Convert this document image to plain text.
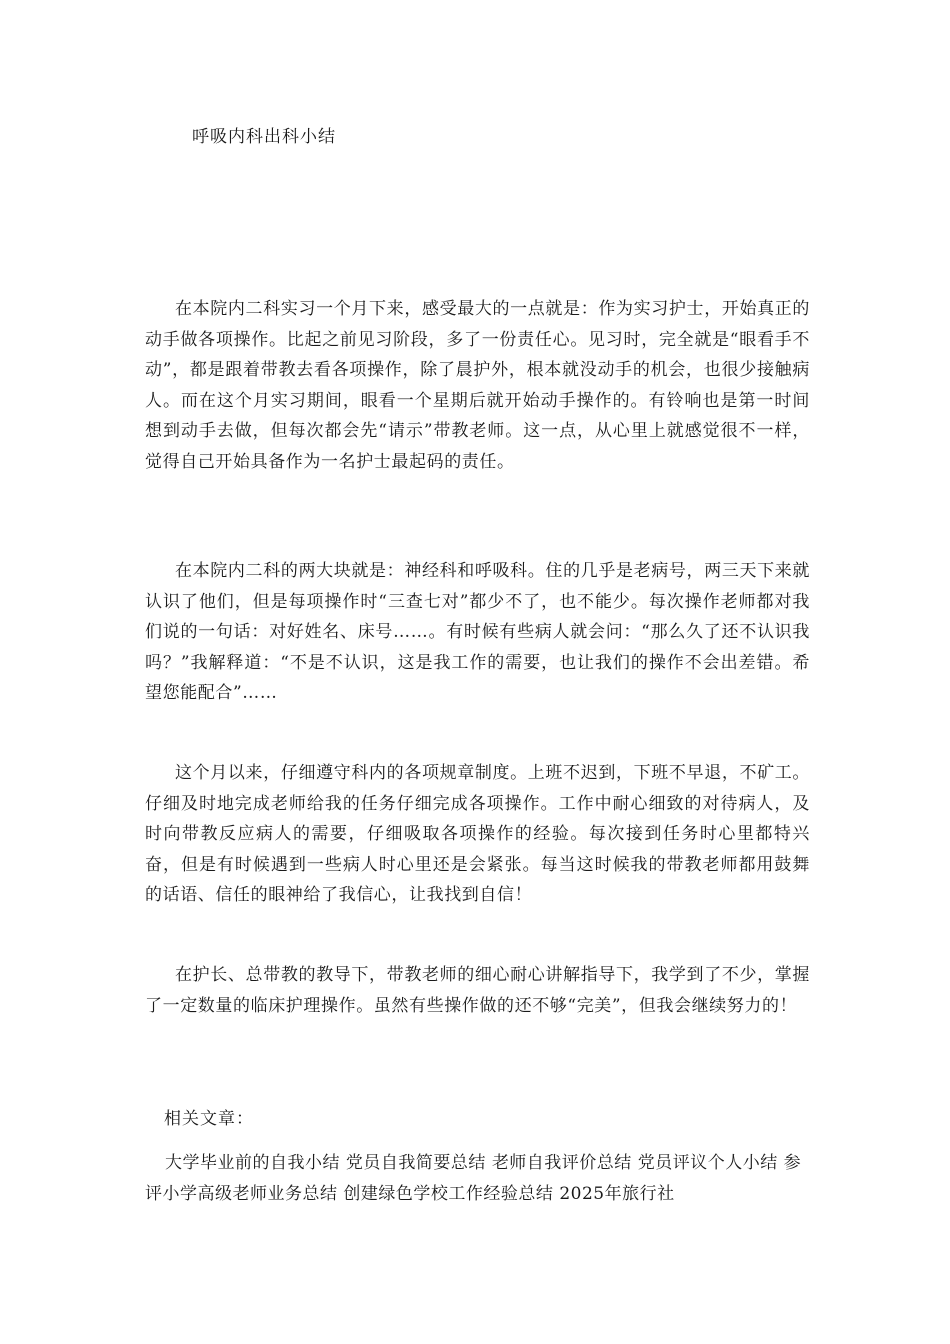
呼吸内科出科小结

在本院内二科实习一个月下来，感受最大的一点就是：作为实习护士，开始真正的动手做各项操作。比起之前见习阶段，多了一份责任心。见习时，完全就是“眼看手不动”，都是跟着带教去看各项操作，除了晨护外，根本就没动手的机会，也很少接触病人。而在这个月实习期间，眼看一个星期后就开始动手操作的。有铃响也是第一时间想到动手去做，但每次都会先“请示”带教老师。这一点，从心里上就感觉很不一样，觉得自己开始具备作为一名护士最起码的责任。

在本院内二科的两大块就是：神经科和呼吸科。住的几乎是老病号，两三天下来就认识了他们，但是每项操作时“三查七对”都少不了，也不能少。每次操作老师都对我们说的一句话：对好姓名、床号……。有时候有些病人就会问：“那么久了还不认识我吗？”我解释道：“不是不认识，这是我工作的需要，也让我们的操作不会出差错。希望您能配合”……

这个月以来，仔细遵守科内的各项规章制度。上班不迟到，下班不早退，不矿工。仔细及时地完成老师给我的任务仔细完成各项操作。工作中耐心细致的对待病人，及时向带教反应病人的需要，仔细吸取各项操作的经验。每次接到任务时心里都特兴奋，但是有时候遇到一些病人时心里还是会紧张。每当这时候我的带教老师都用鼓舞的话语、信任的眼神给了我信心，让我找到自信！

在护长、总带教的教导下，带教老师的细心耐心讲解指导下，我学到了不少，掌握了一定数量的临床护理操作。虽然有些操作做的还不够“完美”，但我会继续努力的！

相关文章：

大学毕业前的自我小结 党员自我简要总结 老师自我评价总结 党员评议个人小结 参评小学高级老师业务总结 创建绿色学校工作经验总结 2025年旅行社
